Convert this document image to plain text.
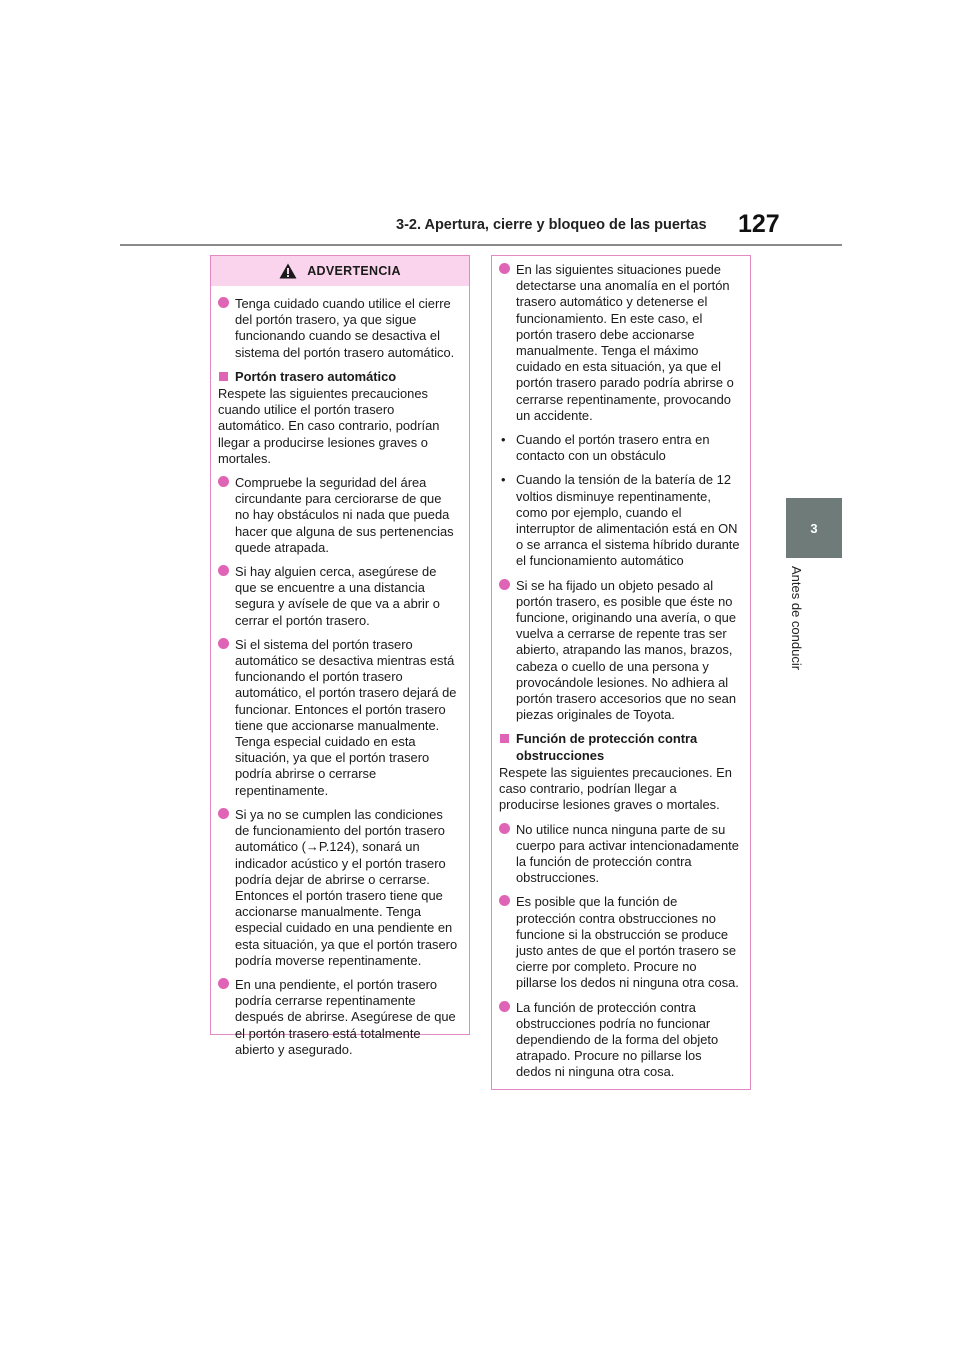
3-2. Apertura, cierre y bloqueo de las puertas 127
3
Antes de conducir
ADVERTENCIA
Tenga cuidado cuando utilice el cierre del portón trasero, ya que sigue funcionando cuando se desactiva el sistema del portón trasero automático.
Portón trasero automático
Respete las siguientes precauciones cuando utilice el portón trasero automático. En caso contrario, podrían llegar a producirse lesiones graves o mortales.
Compruebe la seguridad del área circundante para cerciorarse de que no hay obstáculos ni nada que pueda hacer que alguna de sus pertenencias quede atrapada.
Si hay alguien cerca, asegúrese de que se encuentre a una distancia segura y avísele de que va a abrir o cerrar el portón trasero.
Si el sistema del portón trasero automático se desactiva mientras está funcionando el portón trasero automático, el portón trasero dejará de funcionar. Entonces el portón trasero tiene que accionarse manualmente. Tenga especial cuidado en esta situación, ya que el portón trasero podría abrirse o cerrarse repentinamente.
Si ya no se cumplen las condiciones de funcionamiento del portón trasero automático (→P.124), sonará un indicador acústico y el portón trasero podría dejar de abrirse o cerrarse. Entonces el portón trasero tiene que accionarse manualmente. Tenga especial cuidado en una pendiente en esta situación, ya que el portón trasero podría moverse repentinamente.
En una pendiente, el portón trasero podría cerrarse repentinamente después de abrirse. Asegúrese de que el portón trasero está totalmente abierto y asegurado.
En las siguientes situaciones puede detectarse una anomalía en el portón trasero automático y detenerse el funcionamiento. En este caso, el portón trasero debe accionarse manualmente. Tenga el máximo cuidado en esta situación, ya que el portón trasero parado podría abrirse o cerrarse repentinamente, provocando un accidente.
• Cuando el portón trasero entra en contacto con un obstáculo
• Cuando la tensión de la batería de 12 voltios disminuye repentinamente, como por ejemplo, cuando el interruptor de alimentación está en ON o se arranca el sistema híbrido durante el funcionamiento automático
Si se ha fijado un objeto pesado al portón trasero, es posible que éste no funcione, originando una avería, o que vuelva a cerrarse de repente tras ser abierto, atrapando las manos, brazos, cabeza o cuello de una persona y provocándole lesiones. No adhiera al portón trasero accesorios que no sean piezas originales de Toyota.
Función de protección contra obstrucciones
Respete las siguientes precauciones. En caso contrario, podrían llegar a producirse lesiones graves o mortales.
No utilice nunca ninguna parte de su cuerpo para activar intencionadamente la función de protección contra obstrucciones.
Es posible que la función de protección contra obstrucciones no funcione si la obstrucción se produce justo antes de que el portón trasero se cierre por completo. Procure no pillarse los dedos ni ninguna otra cosa.
La función de protección contra obstrucciones podría no funcionar dependiendo de la forma del objeto atrapado. Procure no pillarse los dedos ni ninguna otra cosa.
